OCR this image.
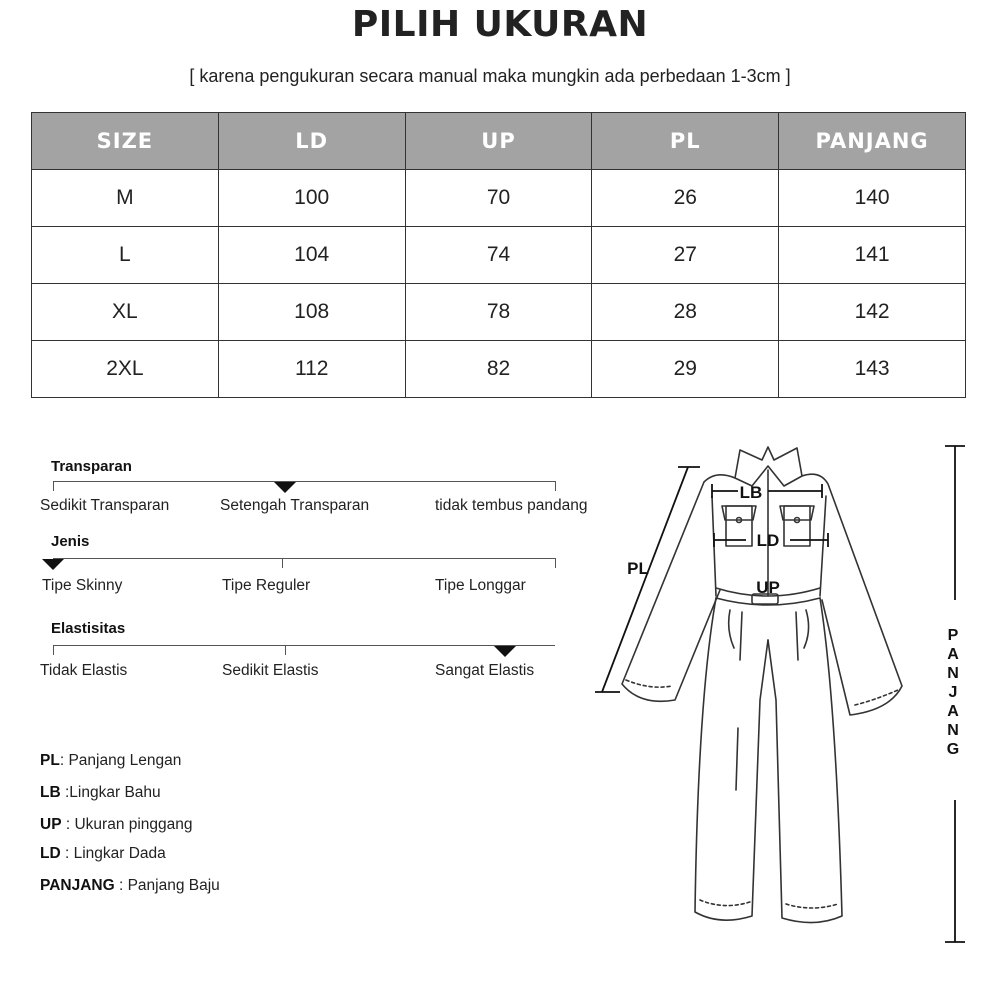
PILIH UKURAN
[ karena pengukuran secara manual maka mungkin ada perbedaan 1-3cm ]
SIZE	LD	UP	PL	PANJANG
M	100	70	26	140
L	104	74	27	141
XL	108	78	28	142
2XL	112	82	29	143
Transparan
Sedikit Transparan	Setengah Transparan	tidak tembus pandang
Jenis
Tipe Skinny	Tipe Reguler	Tipe Longgar
Elastisitas
Tidak Elastis	Sedikit Elastis	Sangat Elastis
PL: Panjang Lengan
LB :Lingkar Bahu
UP : Ukuran pinggang
LD : Lingkar Dada
PANJANG : Panjang Baju
LB
LD
UP
PL
P
A
N
J
A
N
G
